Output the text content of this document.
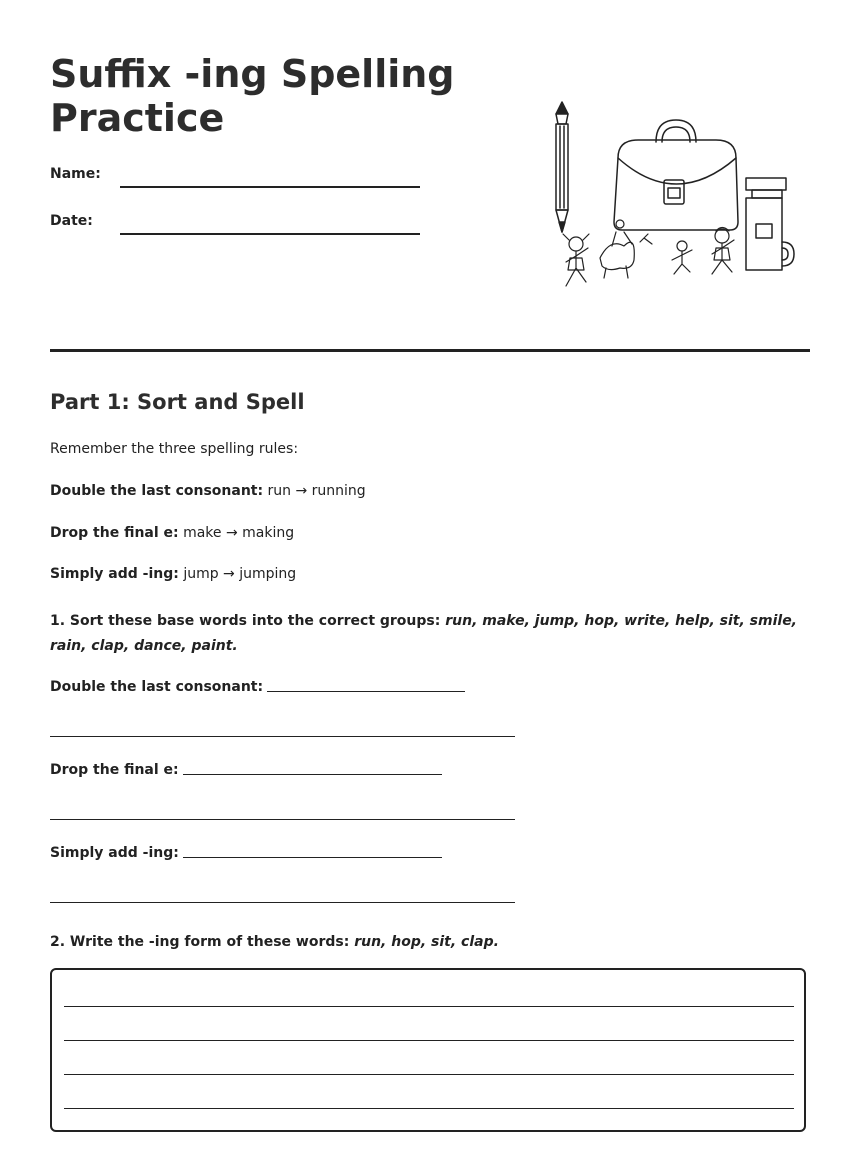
Suffix -ing Spelling Practice
Name:
Date:
Part 1: Sort and Spell
Remember the three spelling rules:
Double the last consonant: run → running
Drop the final e: make → making
Simply add -ing: jump → jumping
1. Sort these base words into the correct groups: run, make, jump, hop, write, help, sit, smile, rain, clap, dance, paint.
Double the last consonant:
Drop the final e:
Simply add -ing:
2. Write the -ing form of these words: run, hop, sit, clap.
